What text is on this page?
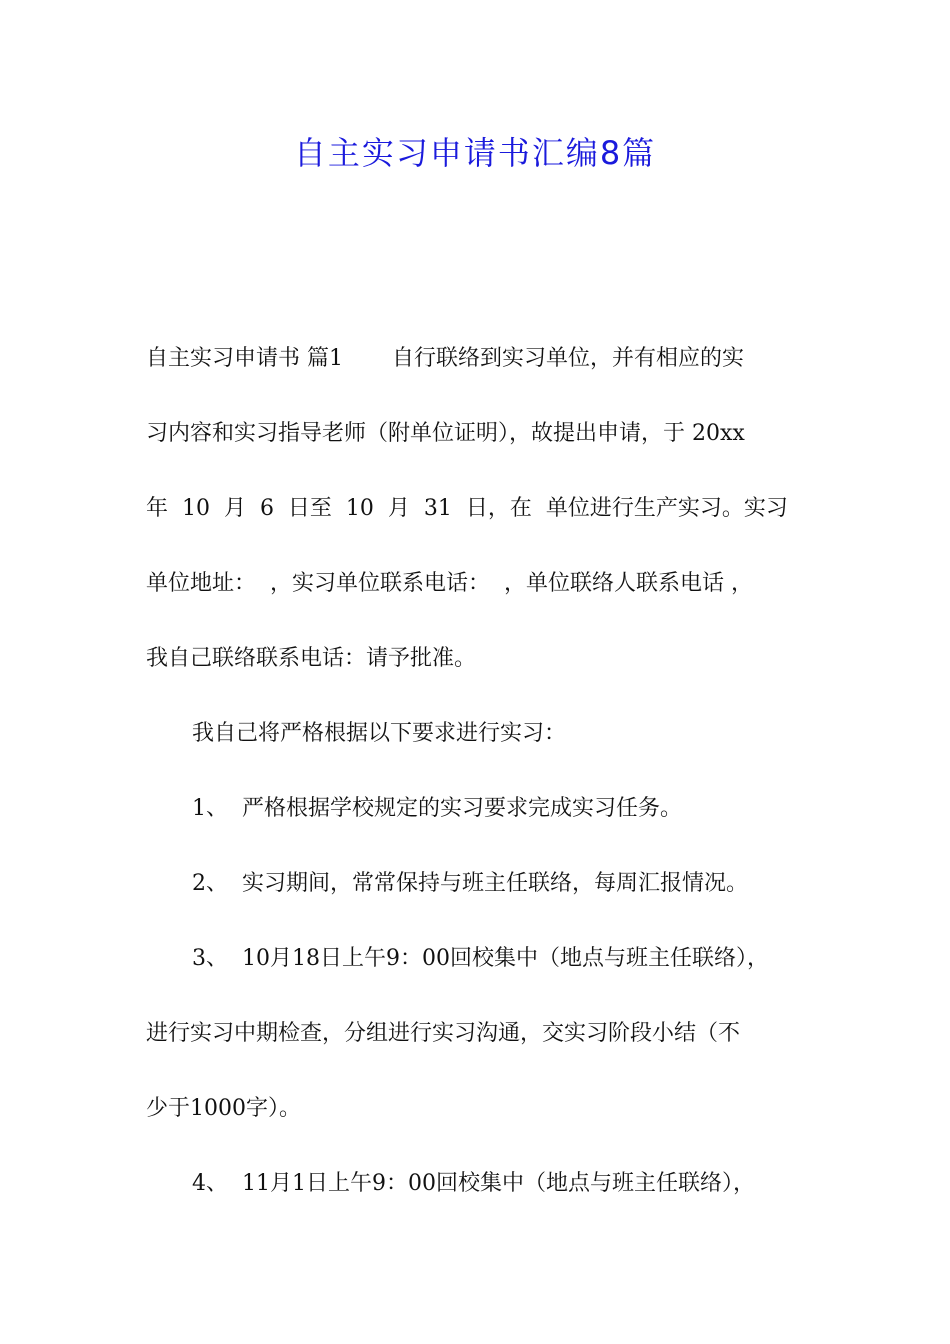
自主实习申请书汇编8篇
自主实习申请书 篇1       自行联络到实习单位，并有相应的实
习内容和实习指导老师（附单位证明），故提出申请，于 20xx
年  10  月  6  日至  10  月  31  日，在  单位进行生产实习。实习
单位地址：  ，实习单位联系电话：  ，单位联络人联系电话 ，
我自己联络联系电话：请予批准。
我自己将严格根据以下要求进行实习：
1、  严格根据学校规定的实习要求完成实习任务。
2、  实习期间，常常保持与班主任联络，每周汇报情况。
3、  10月18日上午9：00回校集中（地点与班主任联络），
进行实习中期检查，分组进行实习沟通，交实习阶段小结（不
少于1000字）。
4、  11月1日上午9：00回校集中（地点与班主任联络），
